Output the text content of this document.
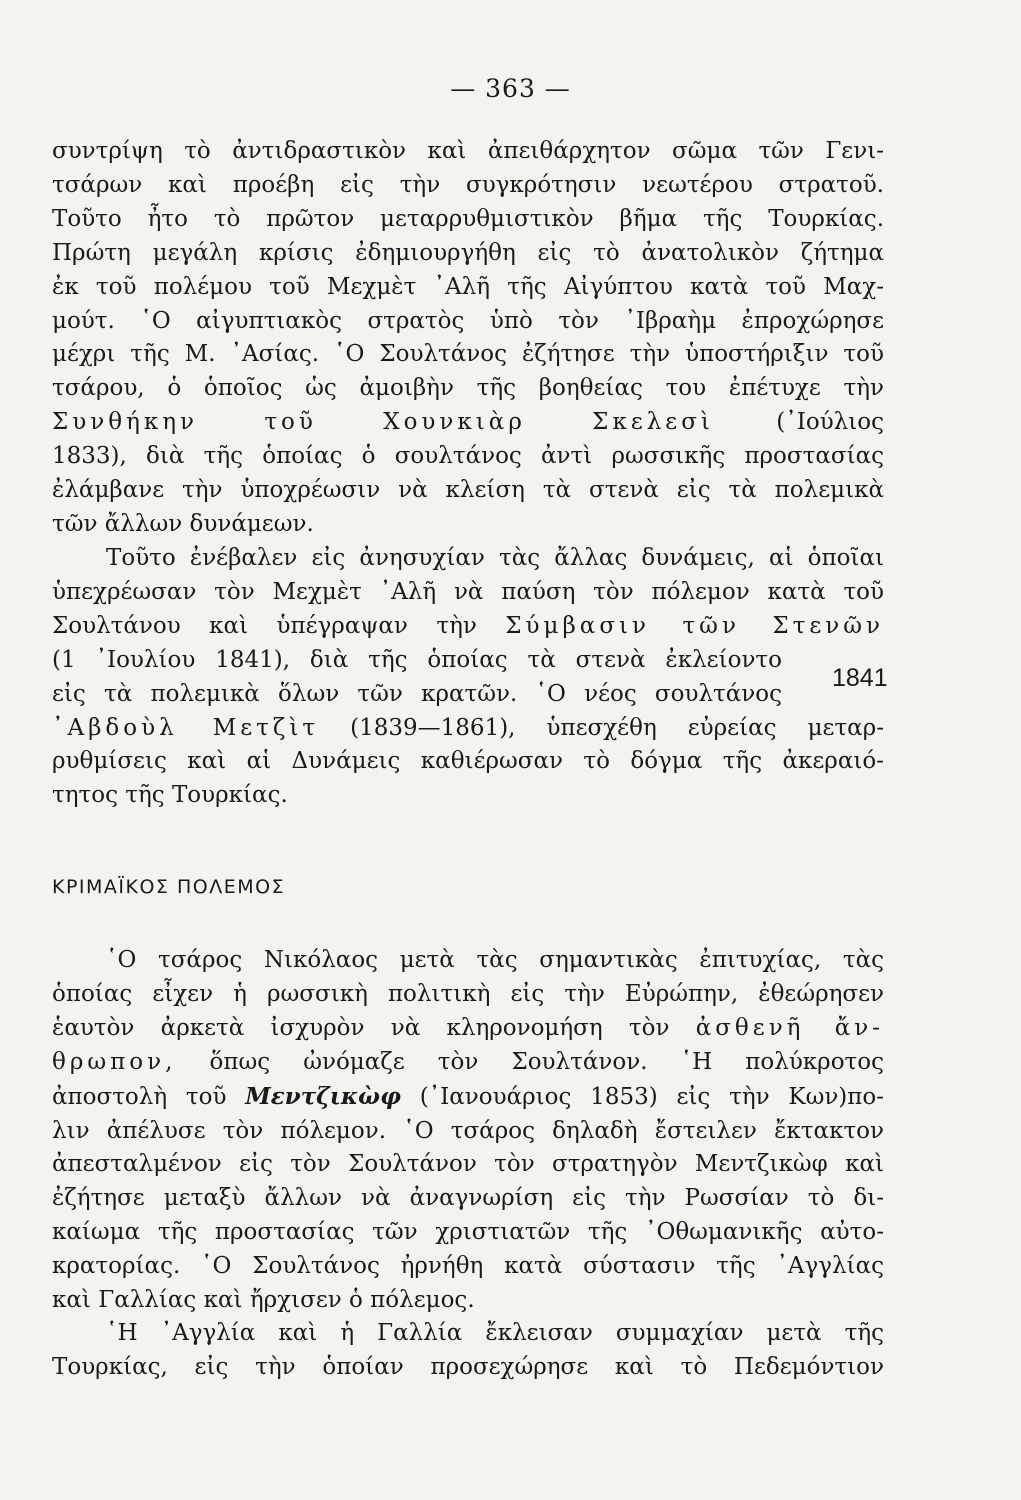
— 363 —
συντρίψη τὸ ἀντιδραστικὸν καὶ ἀπειθάρχητον σῶμα τῶν Γενι-
τσάρων καὶ προέβη εἰς τὴν συγκρότησιν νεωτέρου στρατοῦ.
Τοῦτο ἦτο τὸ πρῶτον μεταρρυθμιστικὸν βῆμα τῆς Τουρκίας.
Πρώτη μεγάλη κρίσις ἐδημιουργήθη εἰς τὸ ἀνατολικὸν ζήτημα
ἐκ τοῦ πολέμου τοῦ Μεχμὲτ ᾿Αλῆ τῆς Αἰγύπτου κατὰ τοῦ Μαχ-
μούτ. ῾Ο αἰγυπτιακὸς στρατὸς ὑπὸ τὸν ᾿Ιβραὴμ ἐπροχώρησε
μέχρι τῆς Μ. ᾿Ασίας. ῾Ο Σουλτάνος ἐζήτησε τὴν ὑποστήριξιν τοῦ
τσάρου, ὁ ὁποῖος ὡς ἀμοιβὴν τῆς βοηθείας του ἐπέτυχε τὴν
Συνθήκην τοῦ Χουνκιὰρ Σκελεσὶ	(᾿Ιούλιος
1833), διὰ τῆς ὁποίας ὁ σουλτάνος ἀντὶ ρωσσικῆς προστασίας
ἐλάμβανε τὴν ὑποχρέωσιν νὰ κλείση τὰ στενὰ εἰς τὰ πολεμικὰ
τῶν ἄλλων δυνάμεων.
Τοῦτο ἐνέβαλεν εἰς ἀνησυχίαν τὰς ἄλλας δυνάμεις, αἱ ὁποῖαι
ὑπεχρέωσαν τὸν Μεχμὲτ ᾿Αλῆ νὰ παύση τὸν πόλεμον κατὰ τοῦ
Σουλτάνου καὶ ὑπέγραψαν τὴν Σύμβασιν τῶν Στενῶν
(1 ᾿Ιουλίου 1841), διὰ τῆς ὁποίας τὰ στενὰ ἐκλείοντο
εἰς τὰ πολεμικὰ ὅλων τῶν κρατῶν. ῾Ο νέος σουλτάνος
᾿Αβδοὺλ Μετζὶτ (1839—1861), ὑπεσχέθη εὐρείας μεταρ-
ρυθμίσεις καὶ αἱ Δυνάμεις καθιέρωσαν τὸ δόγμα τῆς ἀκεραιό-
τητος τῆς Τουρκίας.
1841
ΚΡΙΜΑΪΚΟΣ ΠΟΛΕΜΟΣ
῾Ο τσάρος Νικόλαος μετὰ τὰς σημαντικὰς ἐπιτυχίας, τὰς
ὁποίας εἶχεν ἡ ρωσσικὴ πολιτικὴ εἰς τὴν Εὐρώπην, ἐθεώρησεν
ἑαυτὸν ἀρκετὰ ἰσχυρὸν νὰ κληρονομήση τὸν ἀσθενῆ ἄν-
θρωπον, ὅπως ὠνόμαζε τὸν Σουλτάνον. ῾Η πολύκροτος
ἀποστολὴ τοῦ Μεντζικὼφ (᾿Ιανουάριος 1853) εἰς τὴν Κων)πο-
λιν ἀπέλυσε τὸν πόλεμον. ῾Ο τσάρος δηλαδὴ ἔστειλεν ἔκτακτον
ἀπεσταλμένον εἰς τὸν Σουλτάνον τὸν στρατηγὸν Μεντζικὼφ καὶ
ἐζήτησε μεταξὺ ἄλλων νὰ ἀναγνωρίση εἰς τὴν Ρωσσίαν τὸ δι-
καίωμα τῆς προστασίας τῶν χριστιατῶν τῆς ᾿Οθωμανικῆς αὐτο-
κρατορίας. ῾Ο Σουλτάνος ἠρνήθη κατὰ σύστασιν τῆς ᾿Αγγλίας
καὶ Γαλλίας καὶ ἤρχισεν ὁ πόλεμος.
῾Η ᾿Αγγλία καὶ ἡ Γαλλία ἔκλεισαν συμμαχίαν μετὰ τῆς
Τουρκίας, εἰς τὴν ὁποίαν προσεχώρησε καὶ τὸ Πεδεμόντιον
